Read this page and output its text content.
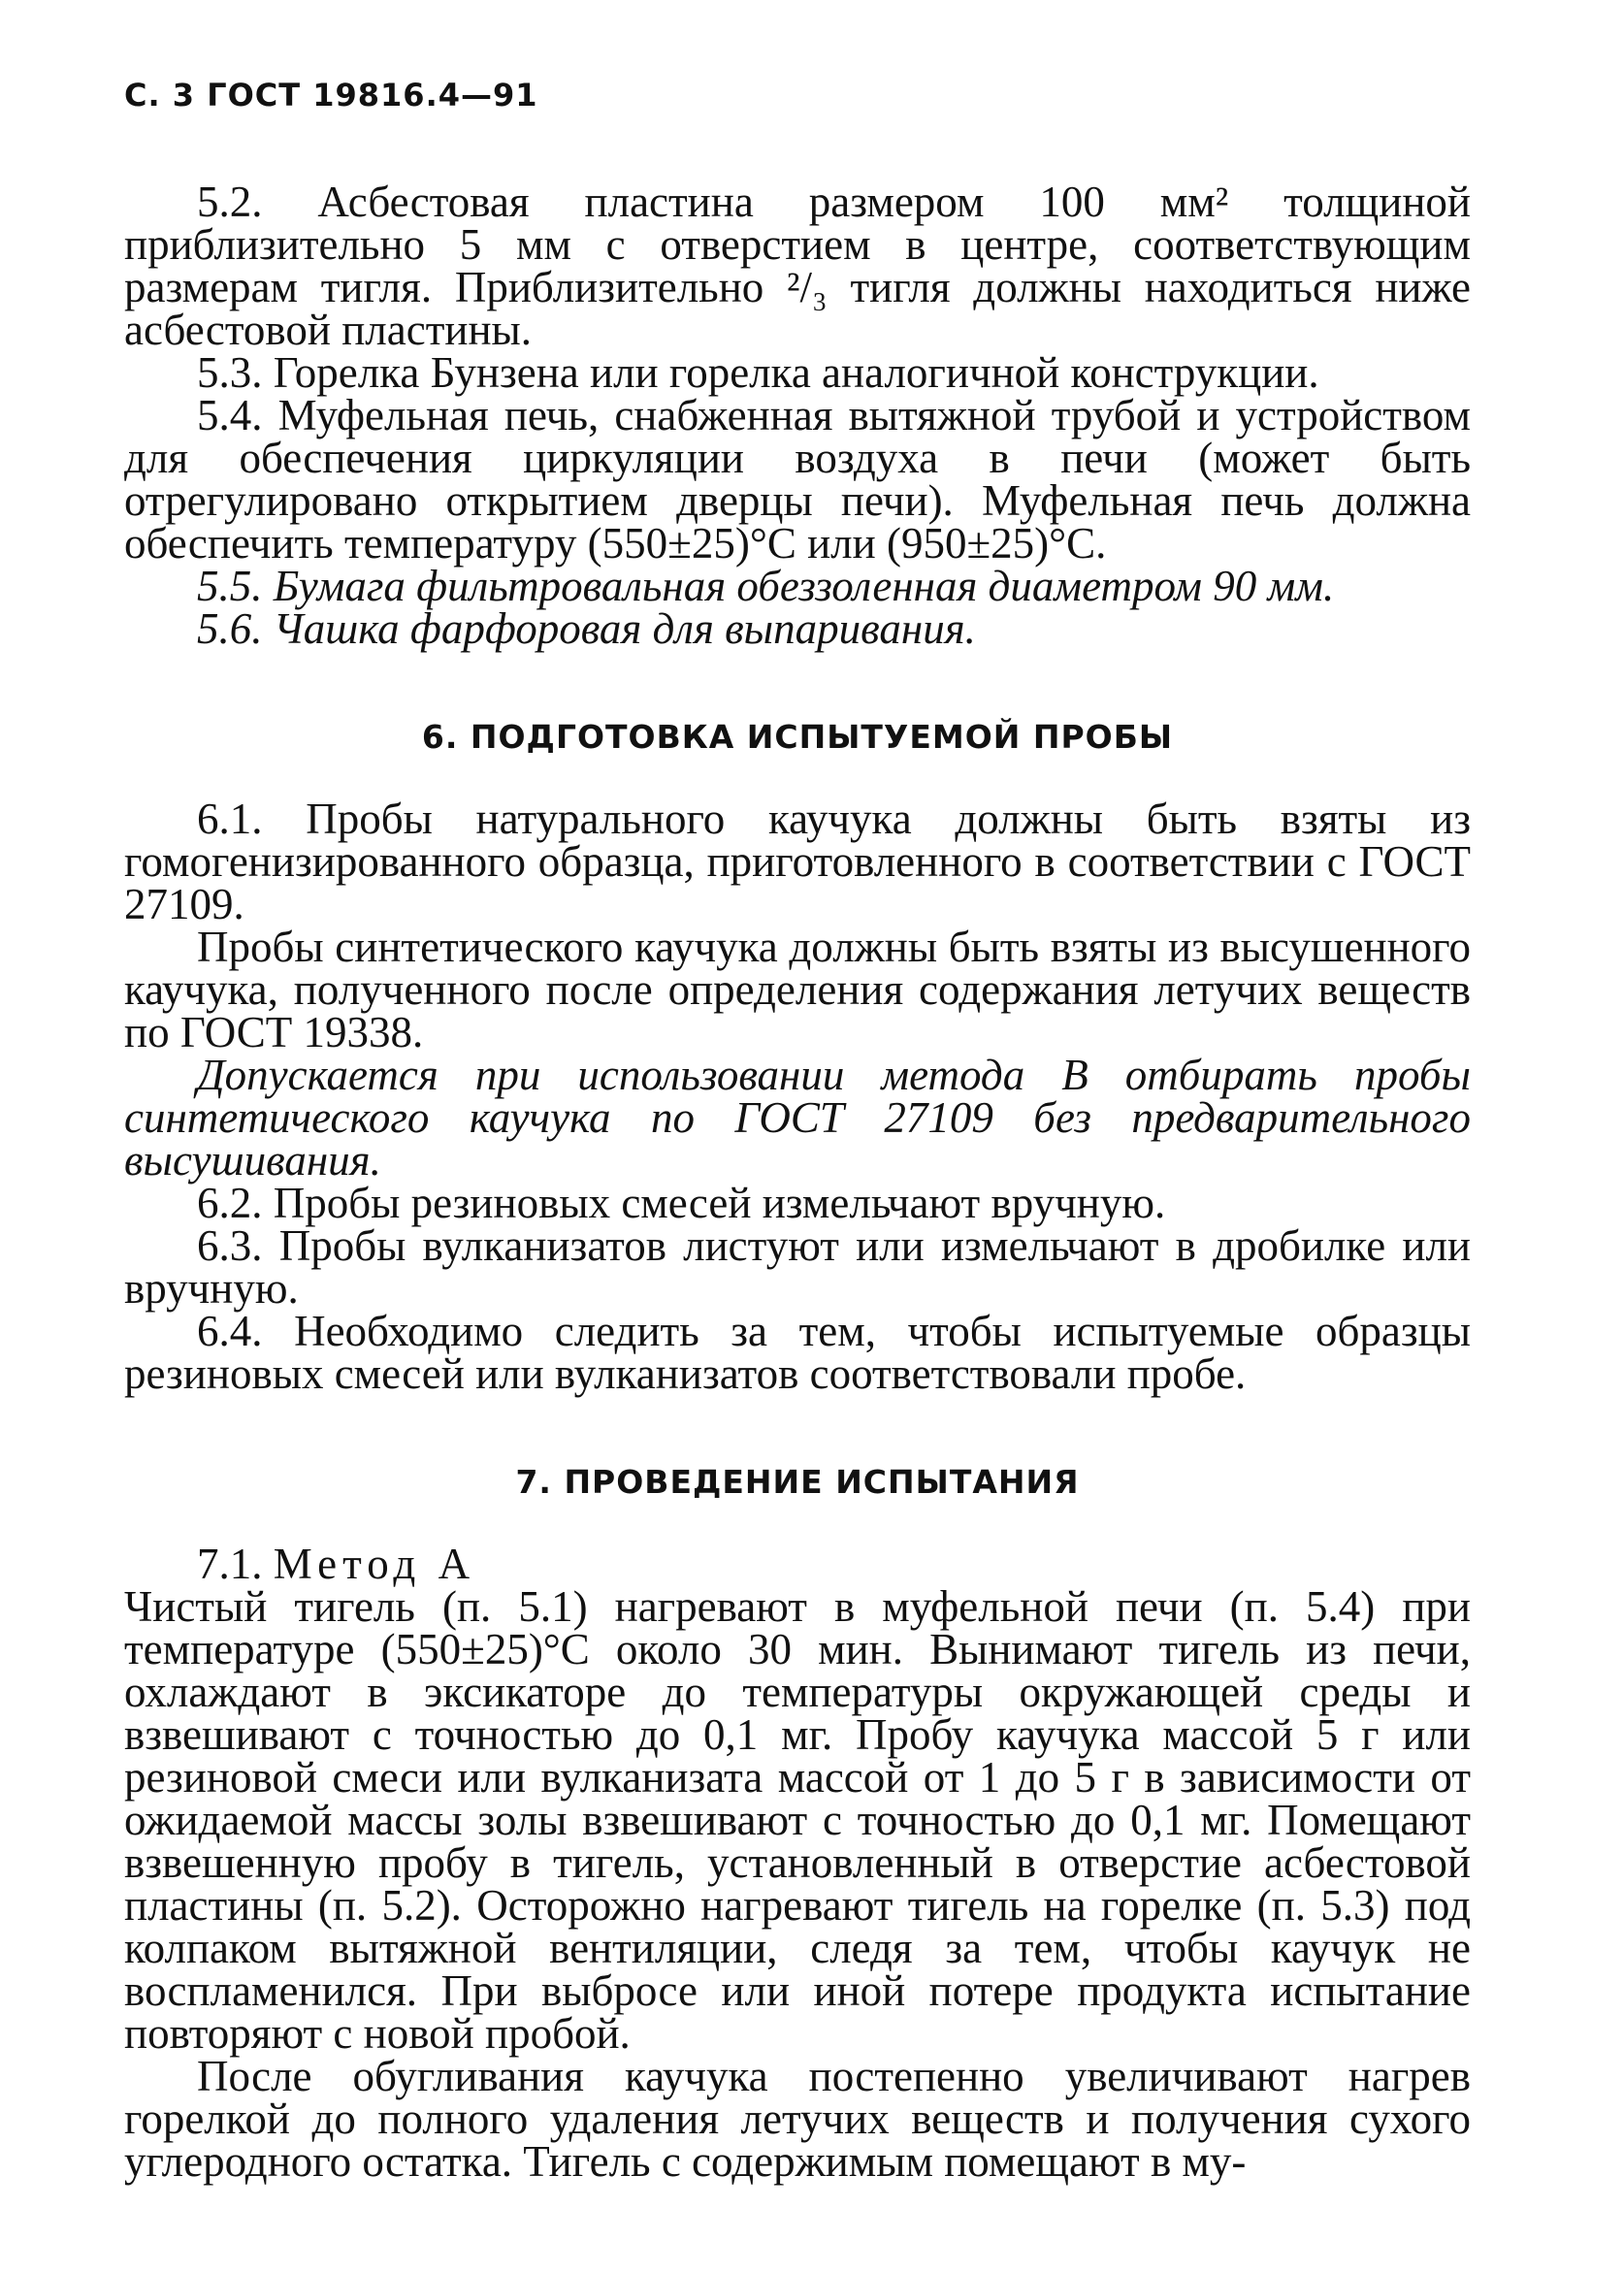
С. 3 ГОСТ 19816.4—91

5.2. Асбестовая пластина размером 100 мм² толщиной приблизительно 5 мм с отверстием в центре, соответствующим размерам тигля. Приблизительно ²/₃ тигля должны находиться ниже асбестовой пластины.

5.3. Горелка Бунзена или горелка аналогичной конструкции.

5.4. Муфельная печь, снабженная вытяжной трубой и устройством для обеспечения циркуляции воздуха в печи (может быть отрегулировано открытием дверцы печи). Муфельная печь должна обеспечить температуру (550±25)°С или (950±25)°С.

5.5. Бумага фильтровальная обеззоленная диаметром 90 мм.

5.6. Чашка фарфоровая для выпаривания.

6. ПОДГОТОВКА ИСПЫТУЕМОЙ ПРОБЫ

6.1. Пробы натурального каучука должны быть взяты из гомогенизированного образца, приготовленного в соответствии с ГОСТ 27109.

Пробы синтетического каучука должны быть взяты из высушенного каучука, полученного после определения содержания летучих веществ по ГОСТ 19338.

Допускается при использовании метода В отбирать пробы синтетического каучука по ГОСТ 27109 без предварительного высушивания.

6.2. Пробы резиновых смесей измельчают вручную.

6.3. Пробы вулканизатов листуют или измельчают в дробилке или вручную.

6.4. Необходимо следить за тем, чтобы испытуемые образцы резиновых смесей или вулканизатов соответствовали пробе.

7. ПРОВЕДЕНИЕ ИСПЫТАНИЯ

7.1. Метод А

Чистый тигель (п. 5.1) нагревают в муфельной печи (п. 5.4) при температуре (550±25)°С около 30 мин. Вынимают тигель из печи, охлаждают в эксикаторе до температуры окружающей среды и взвешивают с точностью до 0,1 мг. Пробу каучука массой 5 г или резиновой смеси или вулканизата массой от 1 до 5 г в зависимости от ожидаемой массы золы взвешивают с точностью до 0,1 мг. Помещают взвешенную пробу в тигель, установленный в отверстие асбестовой пластины (п. 5.2). Осторожно нагревают тигель на горелке (п. 5.3) под колпаком вытяжной вентиляции, следя за тем, чтобы каучук не воспламенился. При выбросе или иной потере продукта испытание повторяют с новой пробой.

После обугливания каучука постепенно увеличивают нагрев горелкой до полного удаления летучих веществ и получения сухого углеродного остатка. Тигель с содержимым помещают в му-
